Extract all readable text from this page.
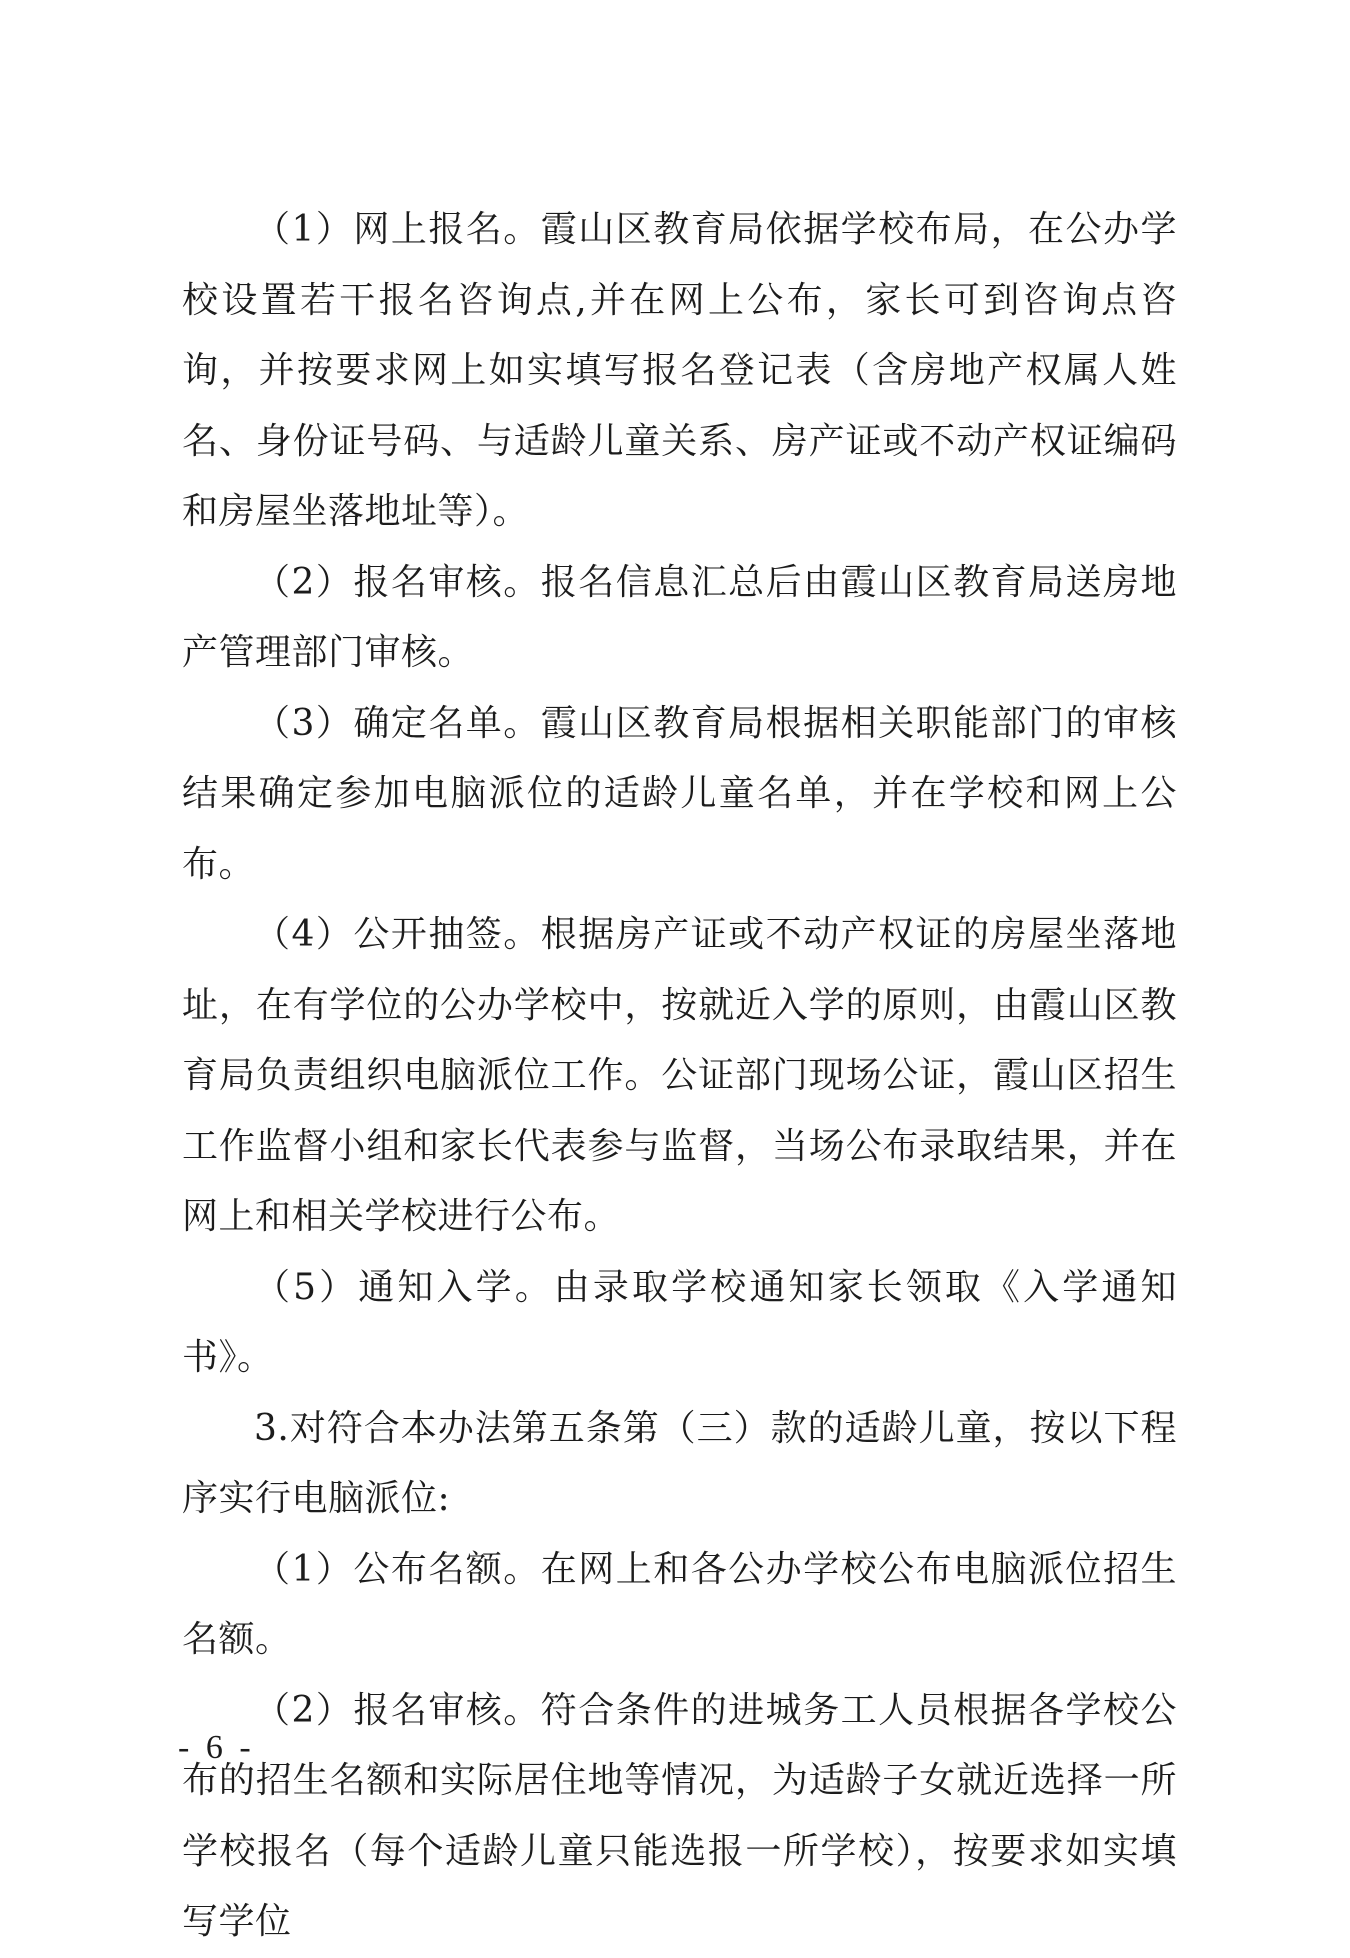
（1）网上报名。霞山区教育局依据学校布局，在公办学校设置若干报名咨询点,并在网上公布，家长可到咨询点咨询，并按要求网上如实填写报名登记表（含房地产权属人姓名、身份证号码、与适龄儿童关系、房产证或不动产权证编码和房屋坐落地址等）。

（2）报名审核。报名信息汇总后由霞山区教育局送房地产管理部门审核。

（3）确定名单。霞山区教育局根据相关职能部门的审核结果确定参加电脑派位的适龄儿童名单，并在学校和网上公布。

（4）公开抽签。根据房产证或不动产权证的房屋坐落地址，在有学位的公办学校中，按就近入学的原则，由霞山区教育局负责组织电脑派位工作。公证部门现场公证，霞山区招生工作监督小组和家长代表参与监督，当场公布录取结果，并在网上和相关学校进行公布。

（5）通知入学。由录取学校通知家长领取《入学通知书》。

3.对符合本办法第五条第（三）款的适龄儿童，按以下程序实行电脑派位:

（1）公布名额。在网上和各公办学校公布电脑派位招生名额。

（2）报名审核。符合条件的进城务工人员根据各学校公布的招生名额和实际居住地等情况，为适龄子女就近选择一所学校报名（每个适龄儿童只能选报一所学校），按要求如实填写学位

- 6 -
